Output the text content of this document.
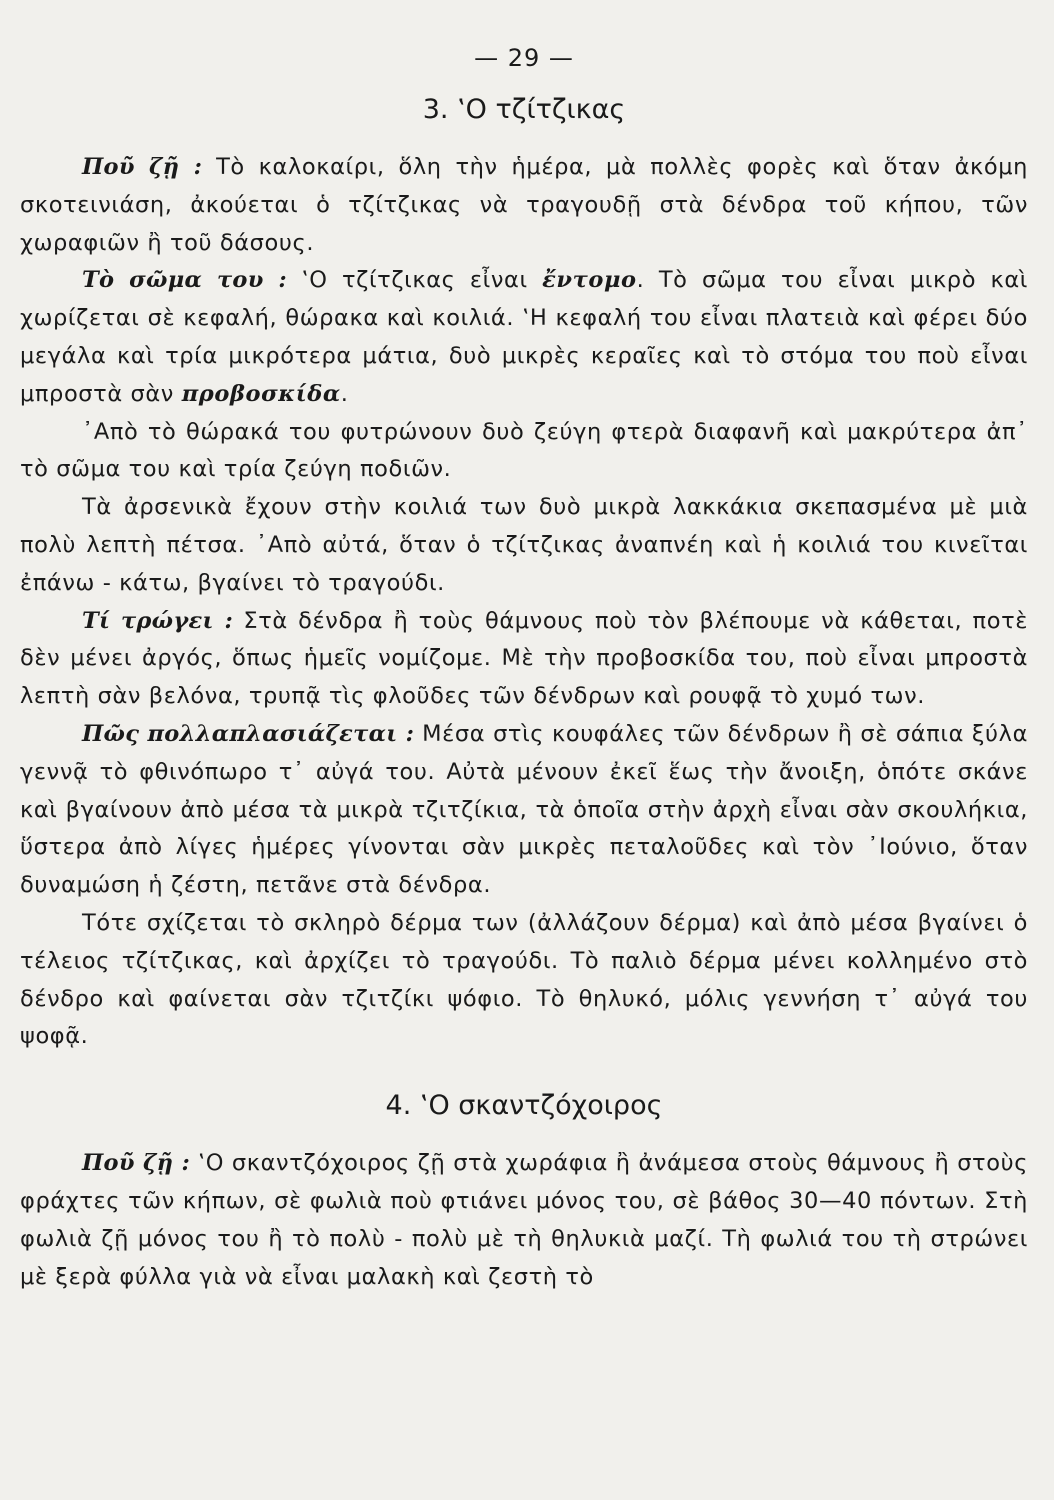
— 29 —
3. ‛Ο τζίτζικας

Ποῦ ζῇ : Τὸ καλοκαίρι, ὅλη τὴν ἡμέρα, μὰ πολλὲς φορὲς καὶ ὅταν ἀκόμη σκοτεινιάση, ἀκούεται ὁ τζίτζικας νὰ τραγουδῇ στὰ δένδρα τοῦ κήπου, τῶν χωραφιῶν ἢ τοῦ δάσους.

Τὸ σῶμα του : ‛Ο τζίτζικας εἶναι ἔντομο. Τὸ σῶμα του εἶναι μικρὸ καὶ χωρίζεται σὲ κεφαλή, θώρακα καὶ κοιλιά. ‛Η κεφαλή του εἶναι πλατειὰ καὶ φέρει δύο μεγάλα καὶ τρία μικρότερα μάτια, δυὸ μικρὲς κεραῖες καὶ τὸ στόμα του ποὺ εἶναι μπροστὰ σὰν προβοσκίδα.

᾽Απὸ τὸ θώρακά του φυτρώνουν δυὸ ζεύγη φτερὰ διαφανῆ καὶ μακρύτερα ἀπ᾽ τὸ σῶμα του καὶ τρία ζεύγη ποδιῶν.

Τὰ ἀρσενικὰ ἔχουν στὴν κοιλιά των δυὸ μικρὰ λακκάκια σκεπασμένα μὲ μιὰ πολὺ λεπτὴ πέτσα. ᾽Απὸ αὐτά, ὅταν ὁ τζίτζικας ἀναπνέη καὶ ἡ κοιλιά του κινεῖται ἐπάνω - κάτω, βγαίνει τὸ τραγούδι.

Τί τρώγει : Στὰ δένδρα ἢ τοὺς θάμνους ποὺ τὸν βλέπουμε νὰ κάθεται, ποτὲ δὲν μένει ἀργός, ὅπως ἡμεῖς νομίζομε. Μὲ τὴν προβοσκίδα του, ποὺ εἶναι μπροστὰ λεπτὴ σὰν βελόνα, τρυπᾷ τὶς φλοῦδες τῶν δένδρων καὶ ρουφᾷ τὸ χυμό των.

Πῶς πολλαπλασιάζεται : Μέσα στὶς κουφάλες τῶν δένδρων ἢ σὲ σάπια ξύλα γεννᾷ τὸ φθινόπωρο τ᾽ αὐγά του. Αὐτὰ μένουν ἐκεῖ ἕως τὴν ἄνοιξη, ὁπότε σκάνε καὶ βγαίνουν ἀπὸ μέσα τὰ μικρὰ τζιτζίκια, τὰ ὁποῖα στὴν ἀρχὴ εἶναι σὰν σκουλήκια, ὕστερα ἀπὸ λίγες ἡμέρες γίνονται σὰν μικρὲς πεταλοῦδες καὶ τὸν ᾽Ιούνιο, ὅταν δυναμώση ἡ ζέστη, πετᾶνε στὰ δένδρα.

Τότε σχίζεται τὸ σκληρὸ δέρμα των (ἀλλάζουν δέρμα) καὶ ἀπὸ μέσα βγαίνει ὁ τέλειος τζίτζικας, καὶ ἀρχίζει τὸ τραγούδι. Τὸ παλιὸ δέρμα μένει κολλημένο στὸ δένδρο καὶ φαίνεται σὰν τζιτζίκι ψόφιο. Τὸ θηλυκό, μόλις γεννήση τ᾽ αὐγά του ψοφᾷ.

4. ‛Ο σκαντζόχοιρος

Ποῦ ζῇ : ‛Ο σκαντζόχοιρος ζῇ στὰ χωράφια ἢ ἀνάμεσα στοὺς θάμνους ἢ στοὺς φράχτες τῶν κήπων, σὲ φωλιὰ ποὺ φτιάνει μόνος του, σὲ βάθος 30—40 πόντων. Στὴ φωλιὰ ζῇ μόνος του ἢ τὸ πολὺ - πολὺ μὲ τὴ θηλυκιὰ μαζί. Τὴ φωλιά του τὴ στρώνει μὲ ξερὰ φύλλα γιὰ νὰ εἶναι μαλακὴ καὶ ζεστὴ τὸ
